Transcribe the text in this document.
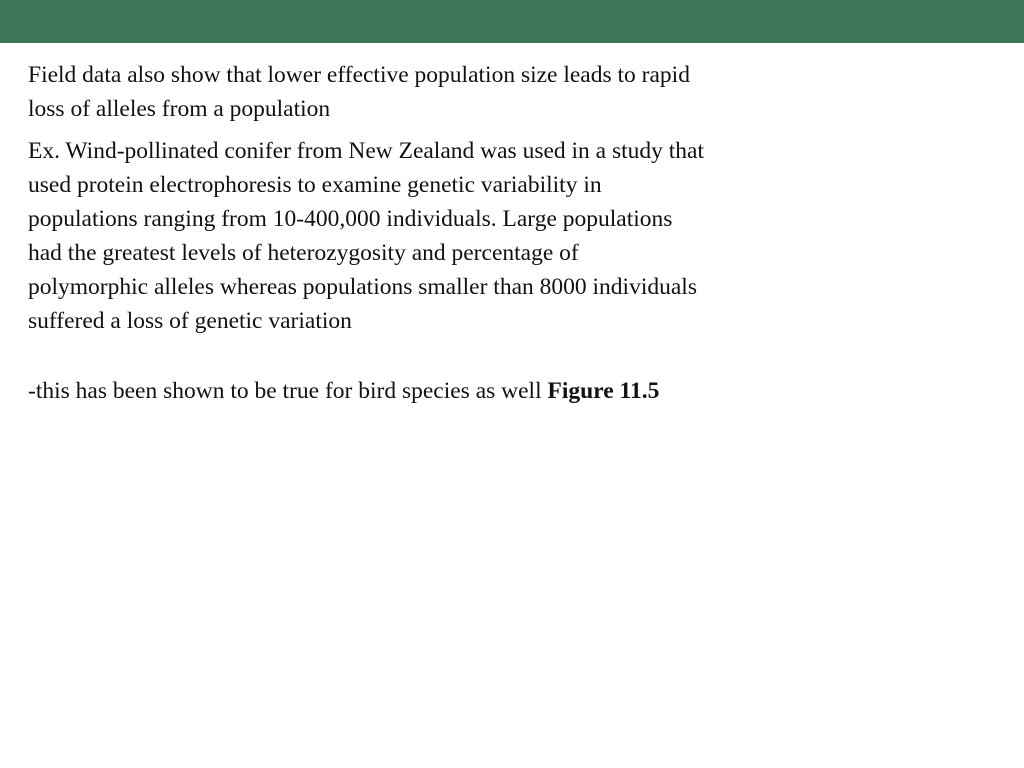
Field data also show that lower effective population size leads to rapid
loss of alleles from a population

Ex. Wind-pollinated conifer from New Zealand was used in a study that
used protein electrophoresis to examine genetic variability in
populations ranging from 10-400,000 individuals. Large populations
had the greatest levels of heterozygosity and percentage of
polymorphic alleles whereas populations smaller than 8000 individuals
suffered a loss of genetic variation

-this has been shown to be true for bird species as well Figure 11.5
